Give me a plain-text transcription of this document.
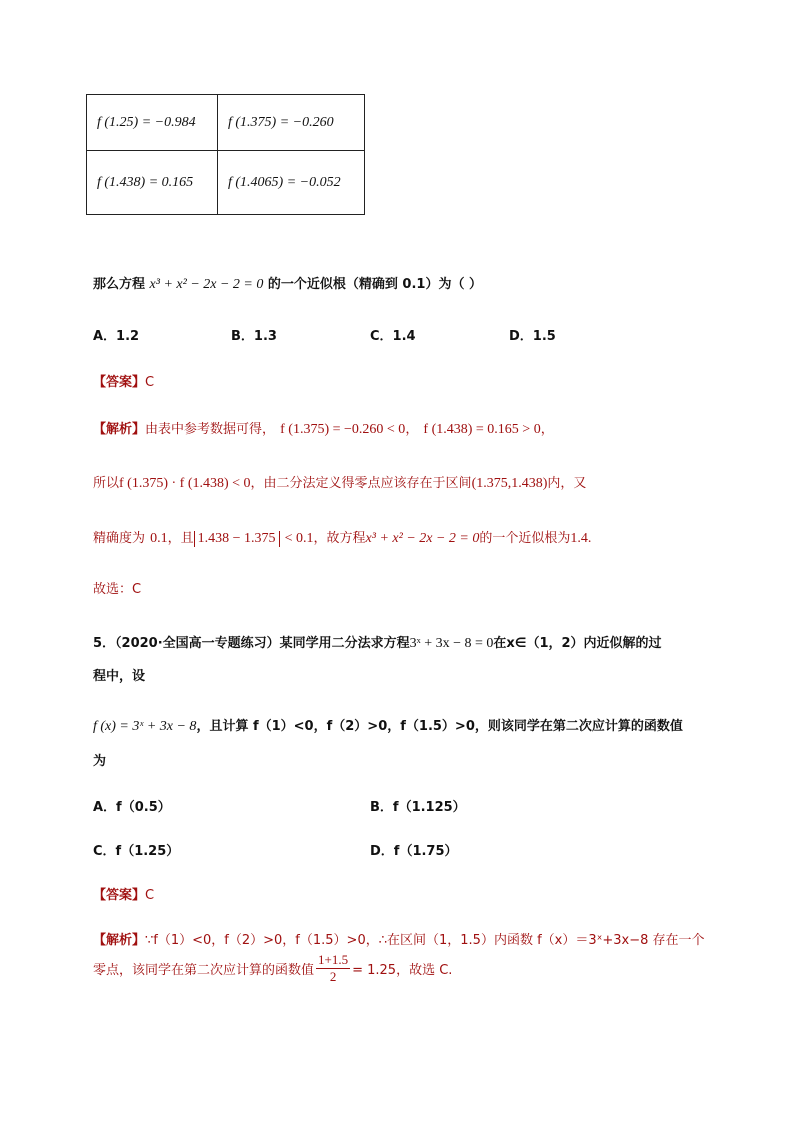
f (1.25) = −0.984	f (1.375) = −0.260
f (1.438) = 0.165	f (1.4065) = −0.052
那么方程 x³ + x² − 2x − 2 = 0 的一个近似根（精确到 0.1）为（ ）
A．1.2	B．1.3	C．1.4	D．1.5
【答案】C
【解析】由表中参考数据可得， f (1.375) = −0.260 < 0， f (1.438) = 0.165 > 0，
所以f (1.375) · f (1.438) < 0，由二分法定义得零点应该存在于区间(1.375,1.438)内，又
精确度为 0.1，且 1.438 − 1.375 < 0.1，故方程x³ + x² − 2x − 2 = 0的一个近似根为1.4.
故选：C
5．（2020·全国高一专题练习）某同学用二分法求方程3ˣ + 3x − 8 = 0在x∈（1，2）内近似解的过
程中，设
f (x) = 3ˣ + 3x − 8，且计算 f（1）<0，f（2）>0，f（1.5）>0，则该同学在第二次应计算的函数值
为
A．f（0.5）	B．f（1.125）
C．f（1.25）	D．f（1.75）
【答案】C
【解析】∵f（1）<0，f（2）>0，f（1.5）>0，∴在区间（1，1.5）内函数 f（x）＝3ˣ+3x−8 存在一个
零点，该同学在第二次应计算的函数值 $\frac{1+1.5}{2} = 1.25$，故选 C.
